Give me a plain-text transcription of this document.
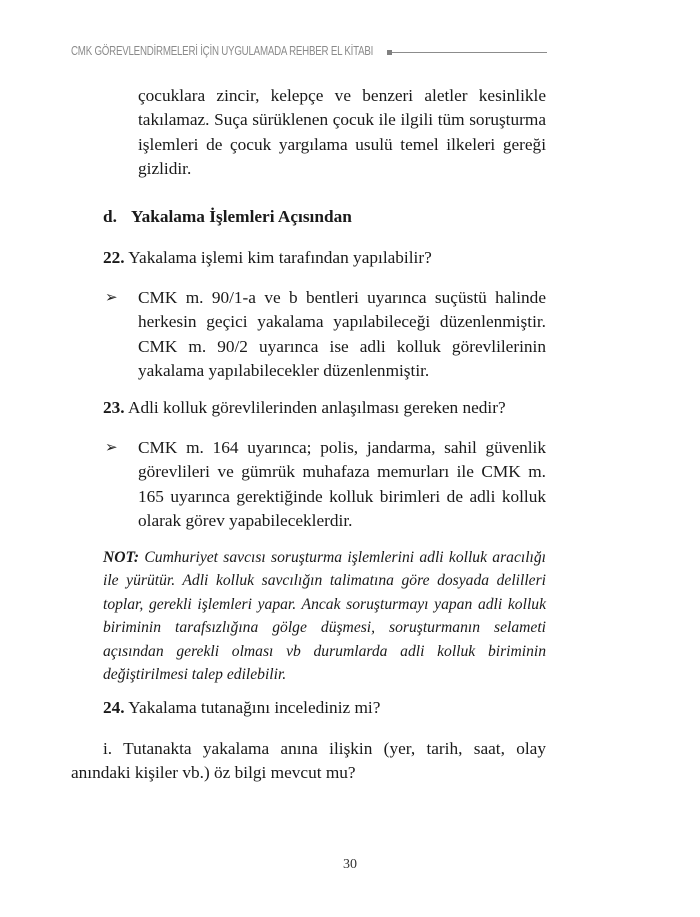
CMK GÖREVLENDİRMELERİ İÇİN UYGULAMADA REHBER EL KİTABI

çocuklara zincir, kelepçe ve benzeri aletler kesinlikle takılamaz. Suça sürüklenen çocuk ile ilgili tüm soruşturma işlemleri de çocuk yargılama usulü temel ilkeleri gereği gizlidir.

d. Yakalama İşlemleri Açısından
22. Yakalama işlemi kim tarafından yapılabilir?
➢ CMK m. 90/1-a ve b bentleri uyarınca suçüstü halinde herkesin geçici yakalama yapılabileceği düzenlenmiştir. CMK m. 90/2 uyarınca ise adli kolluk görevlilerinin yakalama yapılabilecekler düzenlenmiştir.

23. Adli kolluk görevlilerinden anlaşılması gereken nedir?
➢ CMK m. 164 uyarınca; polis, jandarma, sahil güvenlik görevlileri ve gümrük muhafaza memurları ile CMK m. 165 uyarınca gerektiğinde kolluk birimleri de adli kolluk olarak görev yapabileceklerdir.

NOT: Cumhuriyet savcısı soruşturma işlemlerini adli kolluk aracılığı ile yürütür. Adli kolluk savcılığın talimatına göre dosyada delilleri toplar, gerekli işlemleri yapar. Ancak soruşturmayı yapan adli kolluk biriminin tarafsızlığına gölge düşmesi, soruşturmanın selameti açısından gerekli olması vb durumlarda adli kolluk biriminin değiştirilmesi talep edilebilir.

24. Yakalama tutanağını incelediniz mi?

i. Tutanakta yakalama anına ilişkin (yer, tarih, saat, olay anındaki kişiler vb.) öz bilgi mevcut mu?

30
